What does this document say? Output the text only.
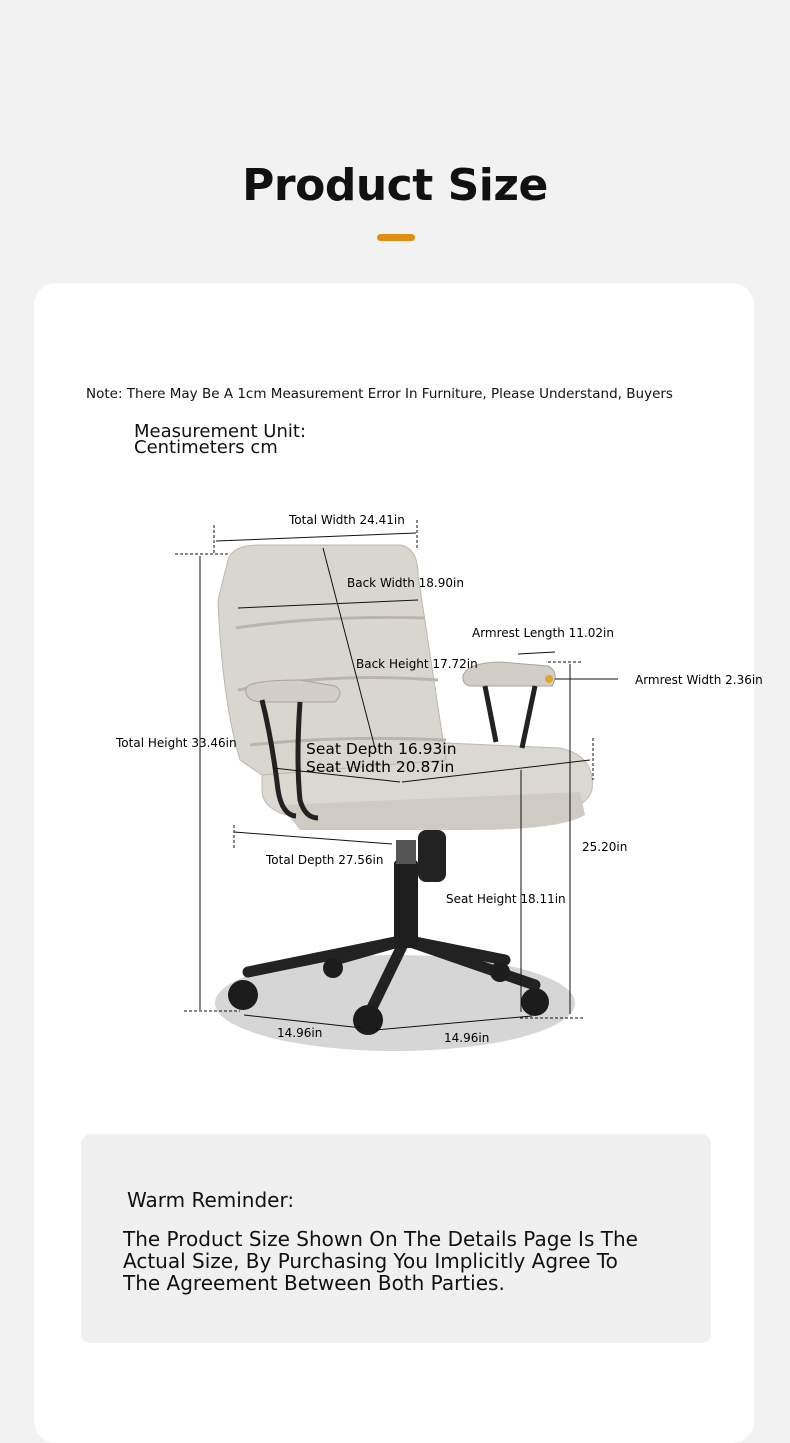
Product Size
Note: There May Be A 1cm Measurement Error In Furniture, Please Understand, Buyers
Measurement Unit:
Centimeters cm
Total Width 24.41in
Back Width 18.90in
Armrest Length 11.02in
Armrest Width 2.36in
Back Height 17.72in
Total Height 33.46in	Seat Depth 16.93in Seat Width 20.87in
Total Depth 27.56in
25.20in
Seat Height 18.11in
14.96in	14.96in
Warm Reminder:
The Product Size Shown On The Details Page Is The Actual Size, By Purchasing You Implicitly Agree To The Agreement Between Both Parties.
